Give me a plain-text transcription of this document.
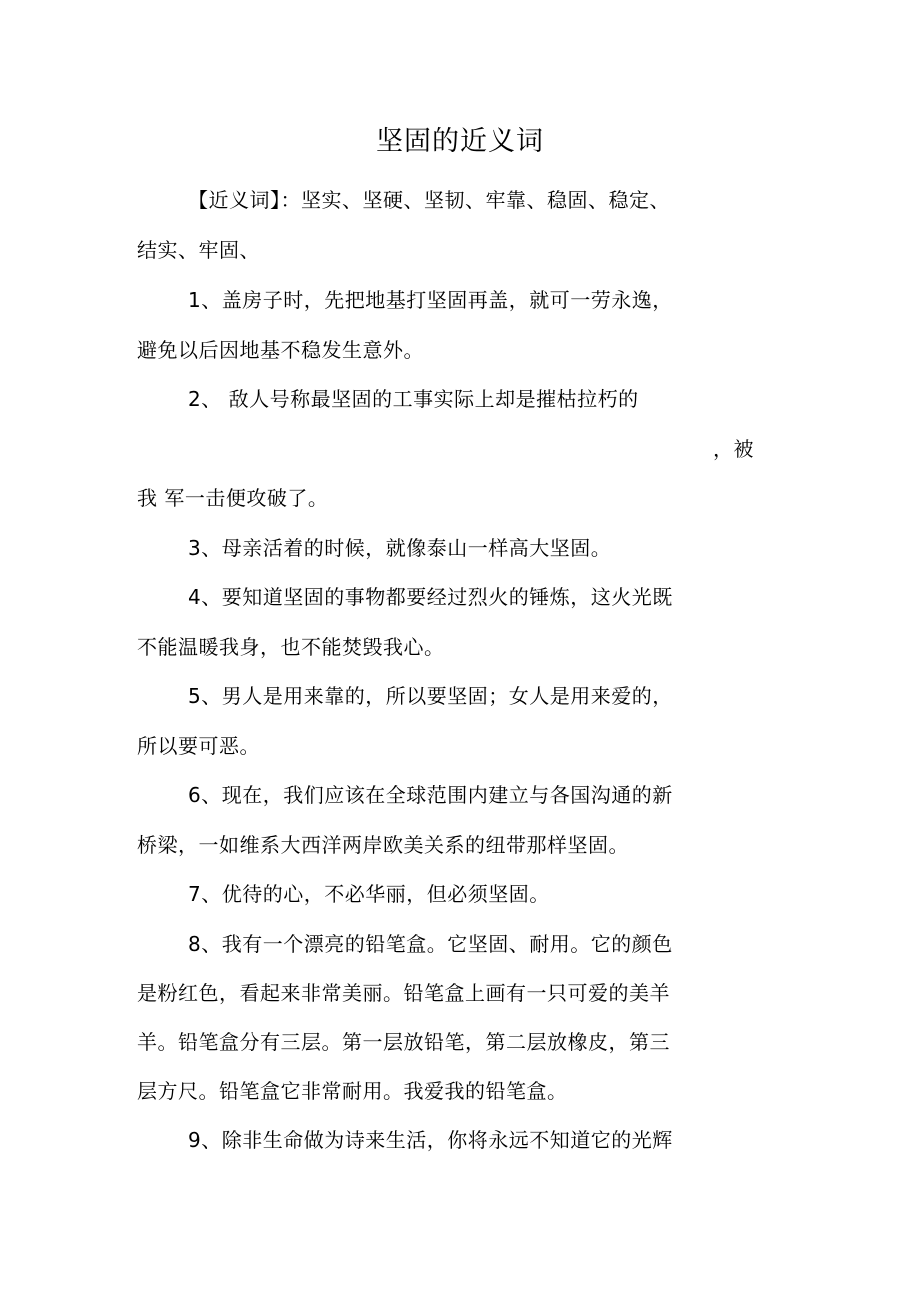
坚固的近义词
【近义词】：坚实、坚硬、坚韧、牢靠、稳固、稳定、
结实、牢固、
1、盖房子时，先把地基打坚固再盖，就可一劳永逸，
避免以后因地基不稳发生意外。
2、 敌人号称最坚固的工事实际上却是摧枯拉朽的
，被
我 军一击便攻破了。
3、母亲活着的时候，就像泰山一样高大坚固。
4、要知道坚固的事物都要经过烈火的锤炼，这火光既
不能温暖我身，也不能焚毁我心。
5、男人是用来靠的，所以要坚固；女人是用来爱的，
所以要可恶。
6、现在，我们应该在全球范围内建立与各国沟通的新
桥梁，一如维系大西洋两岸欧美关系的纽带那样坚固。
7、优待的心，不必华丽，但必须坚固。
8、我有一个漂亮的铅笔盒。它坚固、耐用。它的颜色
是粉红色，看起来非常美丽。铅笔盒上画有一只可爱的美羊
羊。铅笔盒分有三层。第一层放铅笔，第二层放橡皮，第三
层方尺。铅笔盒它非常耐用。我爱我的铅笔盒。
9、除非生命做为诗来生活，你将永远不知道它的光辉
